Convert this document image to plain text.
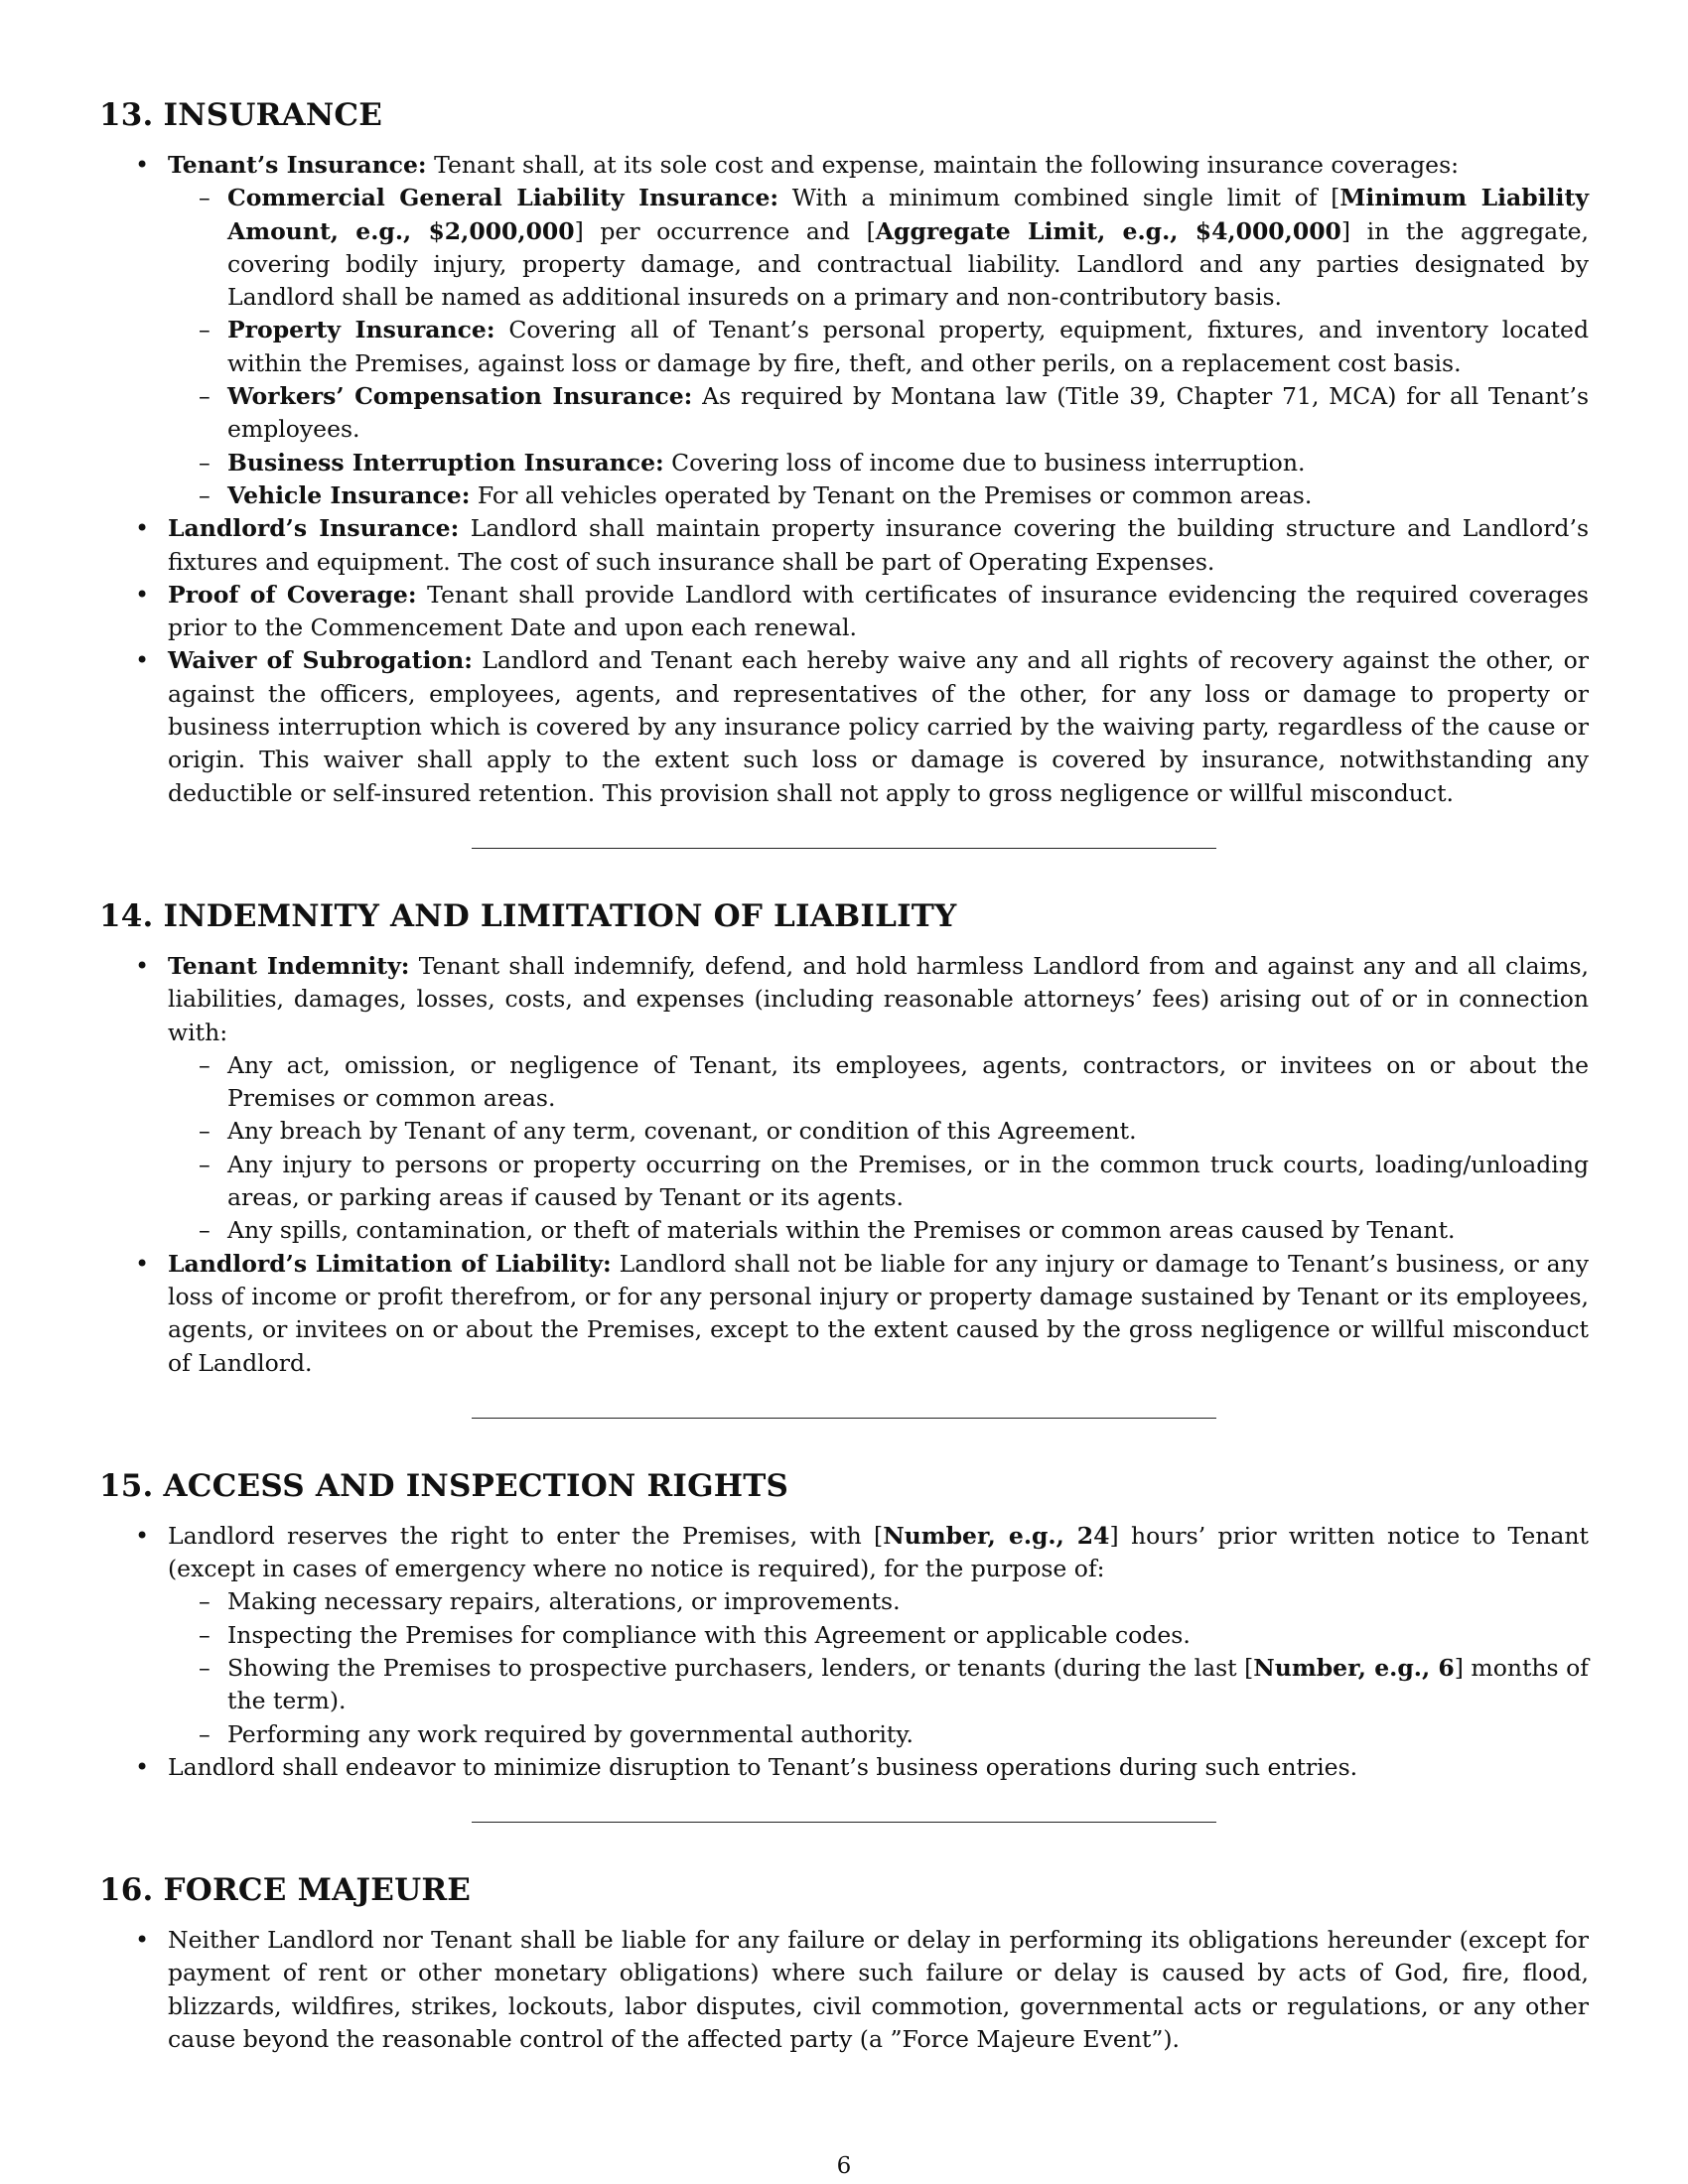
13. INSURANCE
• Tenant’s Insurance: Tenant shall, at its sole cost and expense, maintain the following insurance coverages:
– Commercial General Liability Insurance: With a minimum combined single limit of [Minimum Liability Amount, e.g., $2,000,000] per occurrence and [Aggregate Limit, e.g., $4,000,000] in the aggregate, covering bodily injury, property damage, and contractual liability. Landlord and any parties designated by Landlord shall be named as additional insureds on a primary and non-contributory basis.
– Property Insurance: Covering all of Tenant’s personal property, equipment, fixtures, and inventory located within the Premises, against loss or damage by fire, theft, and other perils, on a replacement cost basis.
– Workers’ Compensation Insurance: As required by Montana law (Title 39, Chapter 71, MCA) for all Tenant’s employees.
– Business Interruption Insurance: Covering loss of income due to business interruption.
– Vehicle Insurance: For all vehicles operated by Tenant on the Premises or common areas.
• Landlord’s Insurance: Landlord shall maintain property insurance covering the building structure and Landlord’s fixtures and equipment. The cost of such insurance shall be part of Operating Expenses.
• Proof of Coverage: Tenant shall provide Landlord with certificates of insurance evidencing the required coverages prior to the Commencement Date and upon each renewal.
• Waiver of Subrogation: Landlord and Tenant each hereby waive any and all rights of recovery against the other, or against the officers, employees, agents, and representatives of the other, for any loss or damage to property or business interruption which is covered by any insurance policy carried by the waiving party, regardless of the cause or origin. This waiver shall apply to the extent such loss or damage is covered by insurance, notwithstanding any deductible or self-insured retention. This provision shall not apply to gross negligence or willful misconduct.
14. INDEMNITY AND LIMITATION OF LIABILITY
• Tenant Indemnity: Tenant shall indemnify, defend, and hold harmless Landlord from and against any and all claims, liabilities, damages, losses, costs, and expenses (including reasonable attorneys’ fees) arising out of or in connection with:
– Any act, omission, or negligence of Tenant, its employees, agents, contractors, or invitees on or about the Premises or common areas.
– Any breach by Tenant of any term, covenant, or condition of this Agreement.
– Any injury to persons or property occurring on the Premises, or in the common truck courts, loading/unloading areas, or parking areas if caused by Tenant or its agents.
– Any spills, contamination, or theft of materials within the Premises or common areas caused by Tenant.
• Landlord’s Limitation of Liability: Landlord shall not be liable for any injury or damage to Tenant’s business, or any loss of income or profit therefrom, or for any personal injury or property damage sustained by Tenant or its employees, agents, or invitees on or about the Premises, except to the extent caused by the gross negligence or willful misconduct of Landlord.
15. ACCESS AND INSPECTION RIGHTS
• Landlord reserves the right to enter the Premises, with [Number, e.g., 24] hours’ prior written notice to Tenant (except in cases of emergency where no notice is required), for the purpose of:
– Making necessary repairs, alterations, or improvements.
– Inspecting the Premises for compliance with this Agreement or applicable codes.
– Showing the Premises to prospective purchasers, lenders, or tenants (during the last [Number, e.g., 6] months of the term).
– Performing any work required by governmental authority.
• Landlord shall endeavor to minimize disruption to Tenant’s business operations during such entries.
16. FORCE MAJEURE
• Neither Landlord nor Tenant shall be liable for any failure or delay in performing its obligations hereunder (except for payment of rent or other monetary obligations) where such failure or delay is caused by acts of God, fire, flood, blizzards, wildfires, strikes, lockouts, labor disputes, civil commotion, governmental acts or regulations, or any other cause beyond the reasonable control of the affected party (a ”Force Majeure Event”).
6
